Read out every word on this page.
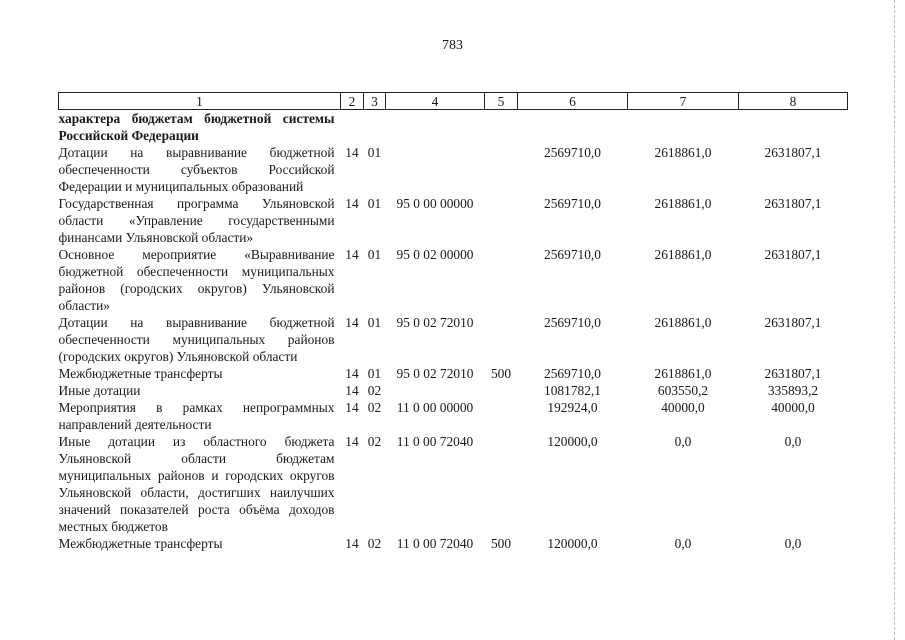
783
1	2	3	4	5	6	7	8
характера бюджетам бюджетной системы Российской Федерации							
Дотации на выравнивание бюджетной обеспеченности субъектов Российской Федерации и муниципальных образований	14	01			2569710,0	2618861,0	2631807,1
Государственная программа Ульяновской области «Управление государственными финансами Ульяновской области»	14	01	95 0 00 00000		2569710,0	2618861,0	2631807,1
Основное мероприятие «Выравнивание бюджетной обеспеченности муниципальных районов (городских округов) Ульяновской области»	14	01	95 0 02 00000		2569710,0	2618861,0	2631807,1
Дотации на выравнивание бюджетной обеспеченности муниципальных районов (городских округов) Ульяновской области	14	01	95 0 02 72010		2569710,0	2618861,0	2631807,1
Межбюджетные трансферты	14	01	95 0 02 72010	500	2569710,0	2618861,0	2631807,1
Иные дотации	14	02			1081782,1	603550,2	335893,2
Мероприятия в рамках непрограммных направлений деятельности	14	02	11 0 00 00000		192924,0	40000,0	40000,0
Иные дотации из областного бюджета Ульяновской области бюджетам муниципальных районов и городских округов Ульяновской области, достигших наилучших значений показателей роста объёма доходов местных бюджетов	14	02	11 0 00 72040		120000,0	0,0	0,0
Межбюджетные трансферты	14	02	11 0 00 72040	500	120000,0	0,0	0,0
